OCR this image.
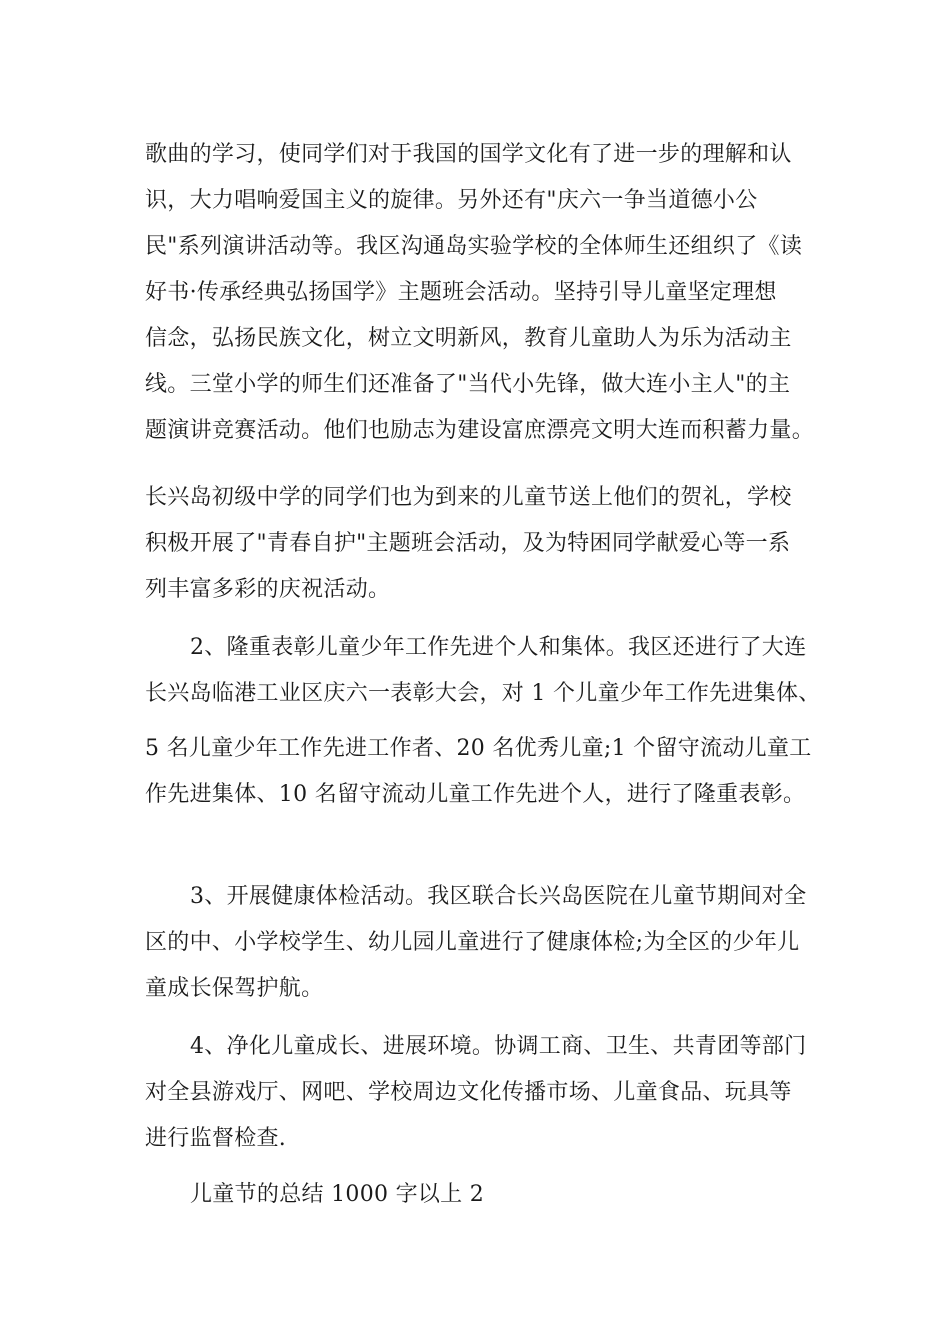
歌曲的学习，使同学们对于我国的国学文化有了进一步的理解和认
识，大力唱响爱国主义的旋律。另外还有"庆六一争当道德小公
民"系列演讲活动等。我区沟通岛实验学校的全体师生还组织了《读
好书·传承经典弘扬国学》主题班会活动。坚持引导儿童坚定理想
信念，弘扬民族文化，树立文明新风，教育儿童助人为乐为活动主
线。三堂小学的师生们还准备了"当代小先锋，做大连小主人"的主
题演讲竞赛活动。他们也励志为建设富庶漂亮文明大连而积蓄力量。
长兴岛初级中学的同学们也为到来的儿童节送上他们的贺礼，学校
积极开展了"青春自护"主题班会活动，及为特困同学献爱心等一系
列丰富多彩的庆祝活动。
2、隆重表彰儿童少年工作先进个人和集体。我区还进行了大连
长兴岛临港工业区庆六一表彰大会，对 1 个儿童少年工作先进集体、
5 名儿童少年工作先进工作者、20 名优秀儿童;1 个留守流动儿童工
作先进集体、10 名留守流动儿童工作先进个人，进行了隆重表彰。
3、开展健康体检活动。我区联合长兴岛医院在儿童节期间对全
区的中、小学校学生、幼儿园儿童进行了健康体检;为全区的少年儿
童成长保驾护航。
4、净化儿童成长、进展环境。协调工商、卫生、共青团等部门
对全县游戏厅、网吧、学校周边文化传播市场、儿童食品、玩具等
进行监督检查.
儿童节的总结 1000 字以上 2
